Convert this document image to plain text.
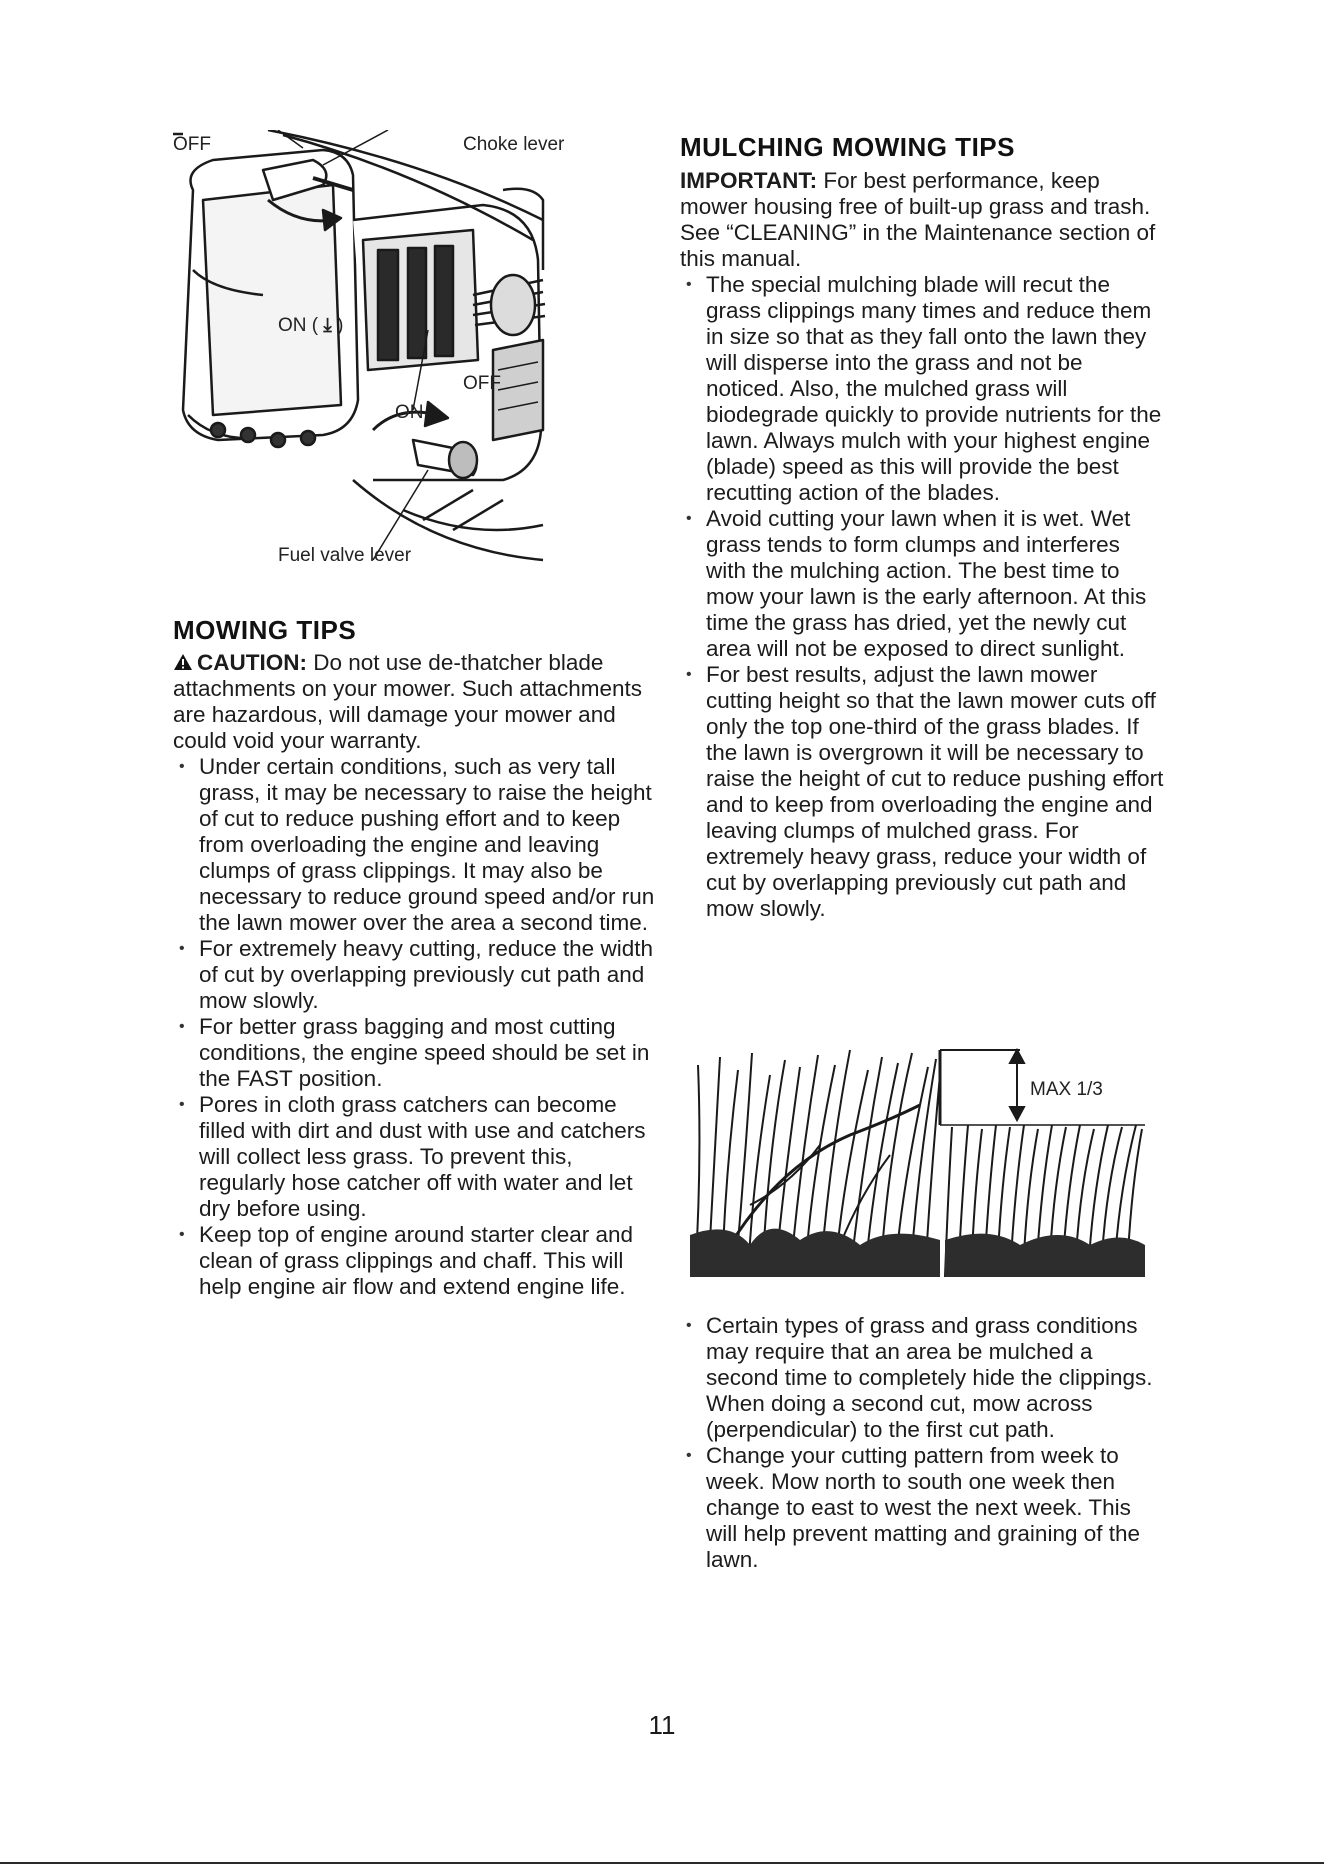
OFF	Choke lever
ON ( ⤓ )
OFF
ON
Fuel valve lever
MOWING TIPS

CAUTION: Do not use de-thatcher blade attachments on your mower. Such attachments are hazardous, will damage your mower and could void your warranty.

• Under certain conditions, such as very tall grass, it may be necessary to raise the height of cut to reduce pushing effort and to keep from overloading the engine and leaving clumps of grass clippings. It may also be necessary to reduce ground speed and/or run the lawn mower over the area a second time.
• For extremely heavy cutting, reduce the width of cut by overlapping previously cut path and mow slowly.
• For better grass bagging and most cutting conditions, the engine speed should be set in the FAST position.
• Pores in cloth grass catchers can become filled with dirt and dust with use and catchers will collect less grass. To prevent this, regularly hose catcher off with water and let dry before using.
• Keep top of engine around starter clear and clean of grass clippings and chaff. This will help engine air flow and extend engine life.
MULCHING MOWING TIPS

IMPORTANT: For best performance, keep mower housing free of built-up grass and trash. See “CLEANING” in the Maintenance section of this manual.

• The special mulching blade will recut the grass clippings many times and reduce them in size so that as they fall onto the lawn they will disperse into the grass and not be noticed. Also, the mulched grass will biodegrade quickly to provide nutrients for the lawn. Always mulch with your highest engine (blade) speed as this will provide the best recutting action of the blades.
• Avoid cutting your lawn when it is wet. Wet grass tends to form clumps and interferes with the mulching action. The best time to mow your lawn is the early afternoon. At this time the grass has dried, yet the newly cut area will not be exposed to direct sunlight.
• For best results, adjust the lawn mower cutting height so that the lawn mower cuts off only the top one-third of the grass blades. If the lawn is overgrown it will be necessary to raise the height of cut to reduce pushing effort and to keep from overloading the engine and leaving clumps of mulched grass. For extremely heavy grass, reduce your width of cut by overlapping previously cut path and mow slowly.
MAX 1/3
• Certain types of grass and grass conditions may require that an area be mulched a second time to completely hide the clippings. When doing a second cut, mow across (perpendicular) to the first cut path.
• Change your cutting pattern from week to week. Mow north to south one week then change to east to west the next week. This will help prevent matting and graining of the lawn.
11
